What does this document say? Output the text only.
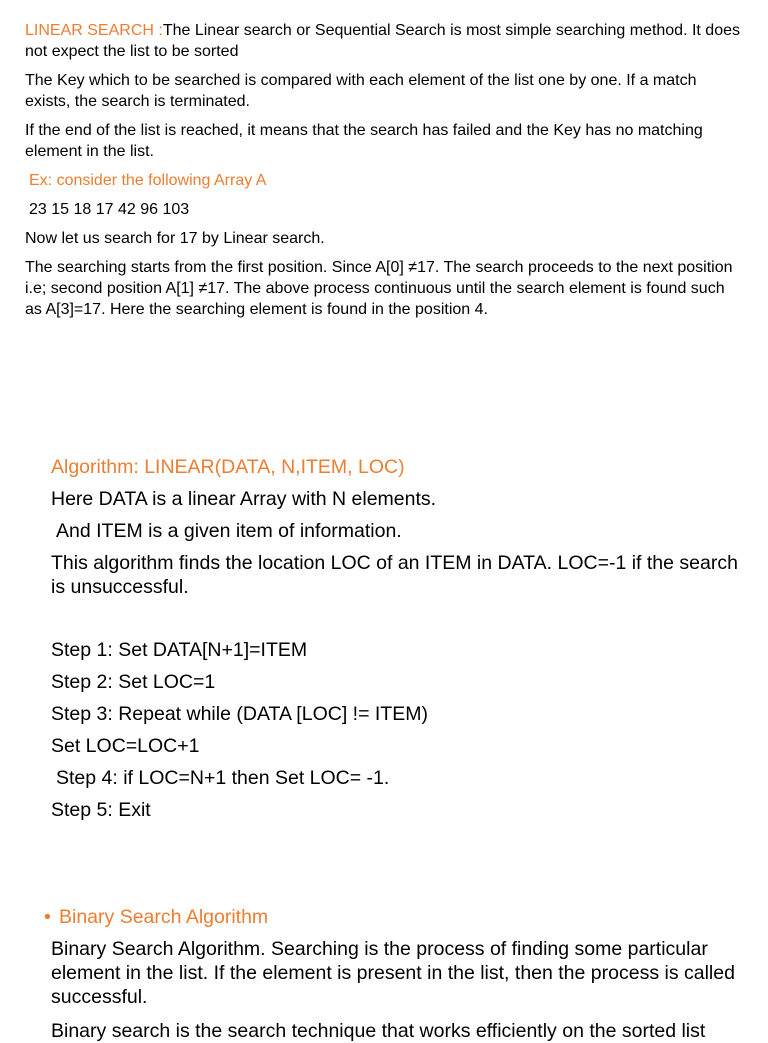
LINEAR SEARCH :The Linear search or Sequential Search is most simple searching method. It does not expect the list to be sorted

The Key which to be searched is compared with each element of the list one by one. If a match exists, the search is terminated.

If the end of the list is reached, it means that the search has failed and the Key has no matching element in the list.

Ex: consider the following Array A

23 15 18 17 42 96 103

Now let us search for 17 by Linear search.

The searching starts from the first position. Since A[0] ≠17. The search proceeds to the next position i.e; second position A[1] ≠17. The above process continuous until the search element is found such as A[3]=17. Here the searching element is found in the position 4.

Algorithm: LINEAR(DATA, N,ITEM, LOC)

Here DATA is a linear Array with N elements.

And ITEM is a given item of information.

This algorithm finds the location LOC of an ITEM in DATA. LOC=-1 if the search is unsuccessful.

Step 1: Set DATA[N+1]=ITEM

Step 2: Set LOC=1

Step 3: Repeat while (DATA [LOC] != ITEM)

Set LOC=LOC+1

Step 4: if LOC=N+1 then Set LOC= -1.

Step 5: Exit

• Binary Search Algorithm

Binary Search Algorithm. Searching is the process of finding some particular element in the list. If the element is present in the list, then the process is called successful.

Binary search is the search technique that works efficiently on the sorted list
